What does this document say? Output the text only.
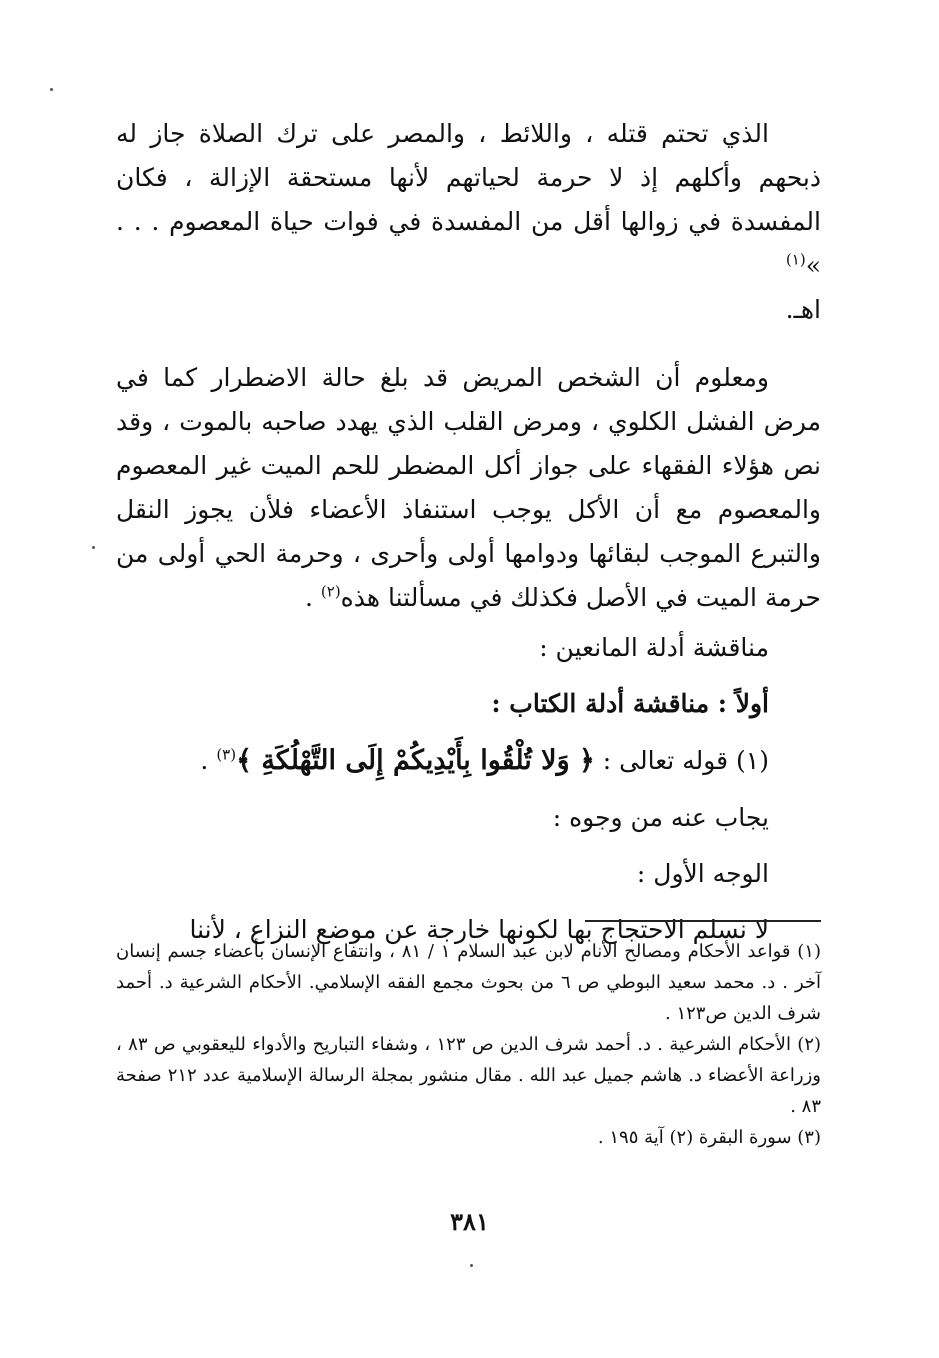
الذي تحتم قتله ، واللائط ، والمصر على ترك الصلاة جاز له ذبحهم وأكلهم إذ لا حرمة لحياتهم لأنها مستحقة الإزالة ، فكان المفسدة في زوالها أقل من المفسدة في فوات حياة المعصوم . . . »$^{(١)}$
اهـ.

ومعلوم أن الشخص المريض قد بلغ حالة الاضطرار كما في مرض الفشل الكلوي ، ومرض القلب الذي يهدد صاحبه بالموت ، وقد نص هؤلاء الفقهاء على جواز أكل المضطر للحم الميت غير المعصوم والمعصوم مع أن الأكل يوجب استنفاذ الأعضاء فلأن يجوز النقل والتبرع الموجب لبقائها ودوامها أولى وأحرى ، وحرمة الحي أولى من حرمة الميت في الأصل فكذلك في مسألتنا هذه$^{(٢)}$ .

مناقشة أدلة المانعين :

أولاً : مناقشة أدلة الكتاب :

(١) قوله تعالى : ﴿ وَلا تُلْقُوا بِأَيْدِيكُمْ إِلَى التَّهْلُكَةِ ﴾$^{(٣)}$ .

يجاب عنه من وجوه :

الوجه الأول :

لا نسلم الاحتجاج بها لكونها خارجة عن موضع النزاع ، لأننا

(١) قواعد الأحكام ومصالح الأنام لابن عبد السلام ١ / ٨١ ، وانتفاع الإنسان بأعضاء جسم إنسان آخر . د. محمد سعيد البوطي ص ٦ من بحوث مجمع الفقه الإسلامي. الأحكام الشرعية د. أحمد شرف الدين ص١٢٣ .

(٢) الأحكام الشرعية . د. أحمد شرف الدين ص ١٢٣ ، وشفاء التباريح والأدواء لليعقوبي ص ٨٣ ، وزراعة الأعضاء د. هاشم جميل عبد الله . مقال منشور بمجلة الرسالة الإسلامية عدد ٢١٢ صفحة ٨٣ .

(٣) سورة البقرة (٢) آية ١٩٥ .

٣٨١
